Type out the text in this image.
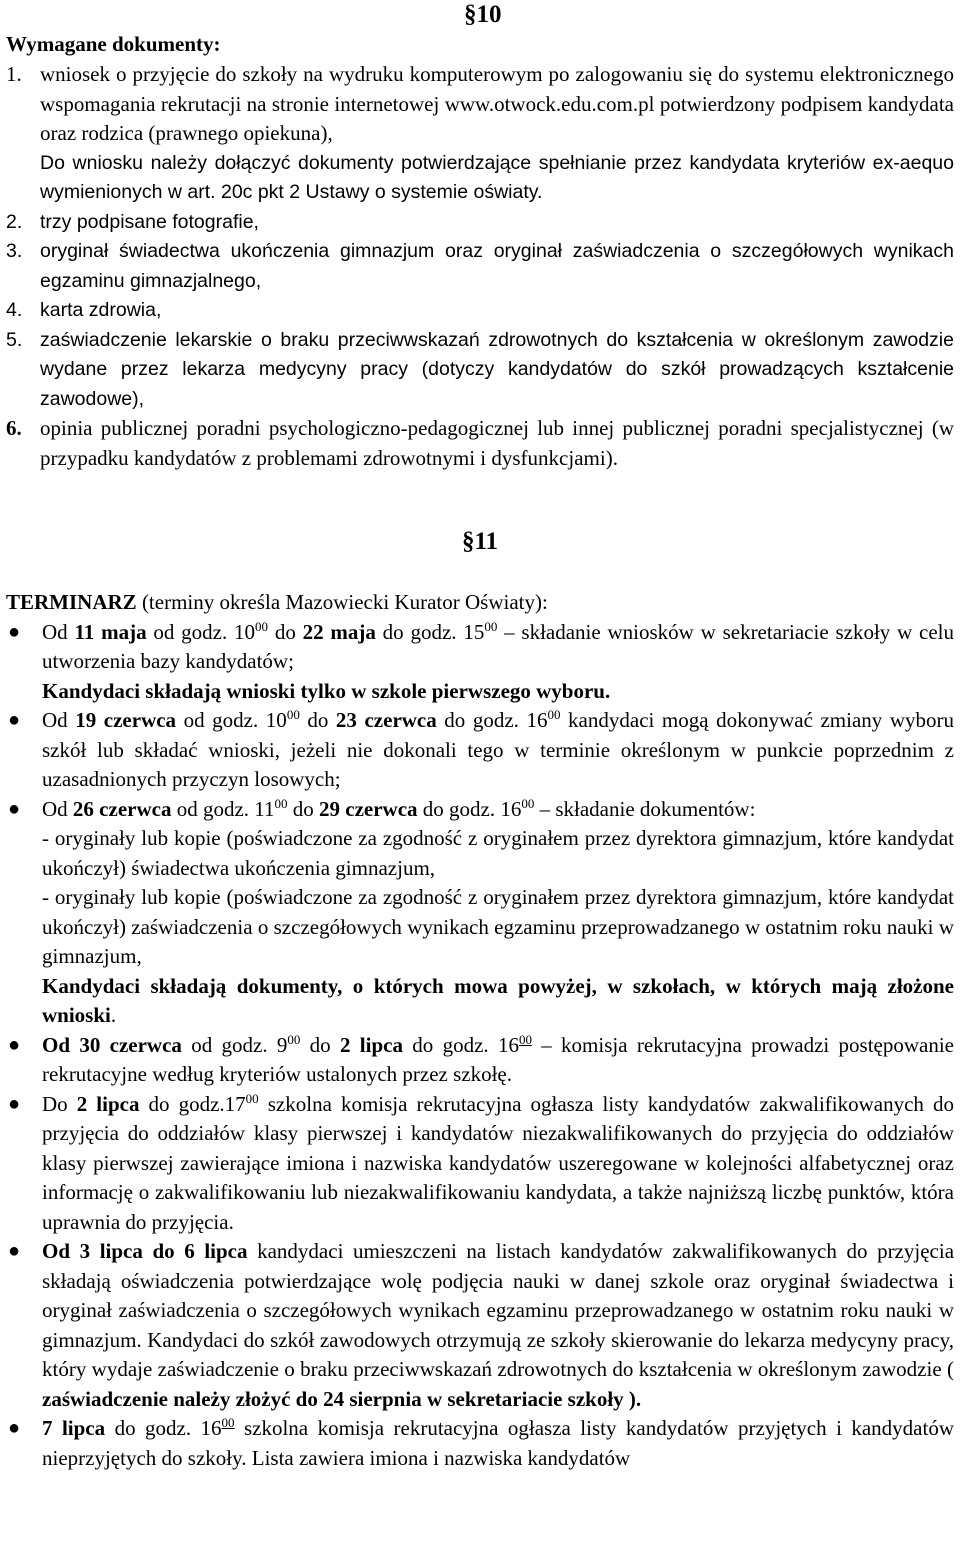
§10
Wymagane dokumenty:
1. wniosek o przyjęcie do szkoły na wydruku komputerowym po zalogowaniu się do systemu elektronicznego wspomagania rekrutacji na stronie internetowej www.otwock.edu.com.pl potwierdzony podpisem kandydata oraz rodzica (prawnego opiekuna),
Do wniosku należy dołączyć dokumenty potwierdzające spełnianie przez kandydata kryteriów ex-aequo wymienionych w art. 20c pkt 2 Ustawy o systemie oświaty.
2. trzy podpisane fotografie,
3. oryginał świadectwa ukończenia gimnazjum oraz oryginał zaświadczenia o szczegółowych wynikach egzaminu gimnazjalnego,
4. karta zdrowia,
5. zaświadczenie lekarskie o braku przeciwwskazań zdrowotnych do kształcenia w określonym zawodzie wydane przez lekarza medycyny pracy (dotyczy kandydatów do szkół prowadzących kształcenie zawodowe),
6. opinia publicznej poradni psychologiczno-pedagogicznej lub innej publicznej poradni specjalistycznej (w przypadku kandydatów z problemami zdrowotnymi i dysfunkcjami).
§11
TERMINARZ (terminy określa Mazowiecki Kurator Oświaty):
●	Od 11 maja od godz. $10^{00}$ do 22 maja do godz. $15^{00}$ – składanie wniosków w sekretariacie szkoły w celu utworzenia bazy kandydatów;

Kandydaci składają wnioski tylko w szkole pierwszego wyboru.

●	Od 19 czerwca od godz. $10^{00}$ do 23 czerwca do godz. $16^{00}$ kandydaci mogą dokonywać zmiany wyboru szkół lub składać wnioski, jeżeli nie dokonali tego w terminie określonym w punkcie poprzednim z uzasadnionych przyczyn losowych;

●	Od 26 czerwca od godz. $11^{00}$ do 29 czerwca do godz. $16^{00}$ – składanie dokumentów:

- oryginały lub kopie (poświadczone za zgodność z oryginałem przez dyrektora gimnazjum, które kandydat ukończył) świadectwa ukończenia gimnazjum,

- oryginały lub kopie (poświadczone za zgodność z oryginałem przez dyrektora gimnazjum, które kandydat ukończył) zaświadczenia o szczegółowych wynikach egzaminu przeprowadzanego w ostatnim roku nauki w gimnazjum,

Kandydaci składają dokumenty, o których mowa powyżej, w szkołach, w których mają złożone wnioski.

●	Od 30 czerwca od godz. $9^{00}$ do 2 lipca do godz. $16^{00}$ – komisja rekrutacyjna prowadzi postępowanie rekrutacyjne według kryteriów ustalonych przez szkołę.

●	Do 2 lipca do $godz.17^{00}$ szkolna komisja rekrutacyjna ogłasza listy kandydatów zakwalifikowanych do przyjęcia do oddziałów klasy pierwszej i kandydatów niezakwalifikowanych do przyjęcia do oddziałów klasy pierwszej zawierające imiona i nazwiska kandydatów uszeregowane w kolejności alfabetycznej oraz informację o zakwalifikowaniu lub niezakwalifikowaniu kandydata, a także najniższą liczbę punktów, która uprawnia do przyjęcia.

●	Od 3 lipca do 6 lipca kandydaci umieszczeni na listach kandydatów zakwalifikowanych do przyjęcia składają oświadczenia potwierdzające wolę podjęcia nauki w danej szkole oraz oryginał świadectwa i oryginał zaświadczenia o szczegółowych wynikach egzaminu przeprowadzanego w ostatnim roku nauki w gimnazjum. Kandydaci do szkół zawodowych otrzymują ze szkoły skierowanie do lekarza medycyny pracy, który wydaje zaświadczenie o braku przeciwwskazań zdrowotnych do kształcenia w określonym zawodzie ( zaświadczenie należy złożyć do 24 sierpnia w sekretariacie szkoły ).

●	7 lipca do godz. $16^{00}$ szkolna komisja rekrutacyjna ogłasza listy kandydatów przyjętych i kandydatów nieprzyjętych do szkoły. Lista zawiera imiona i nazwiska kandydatów
